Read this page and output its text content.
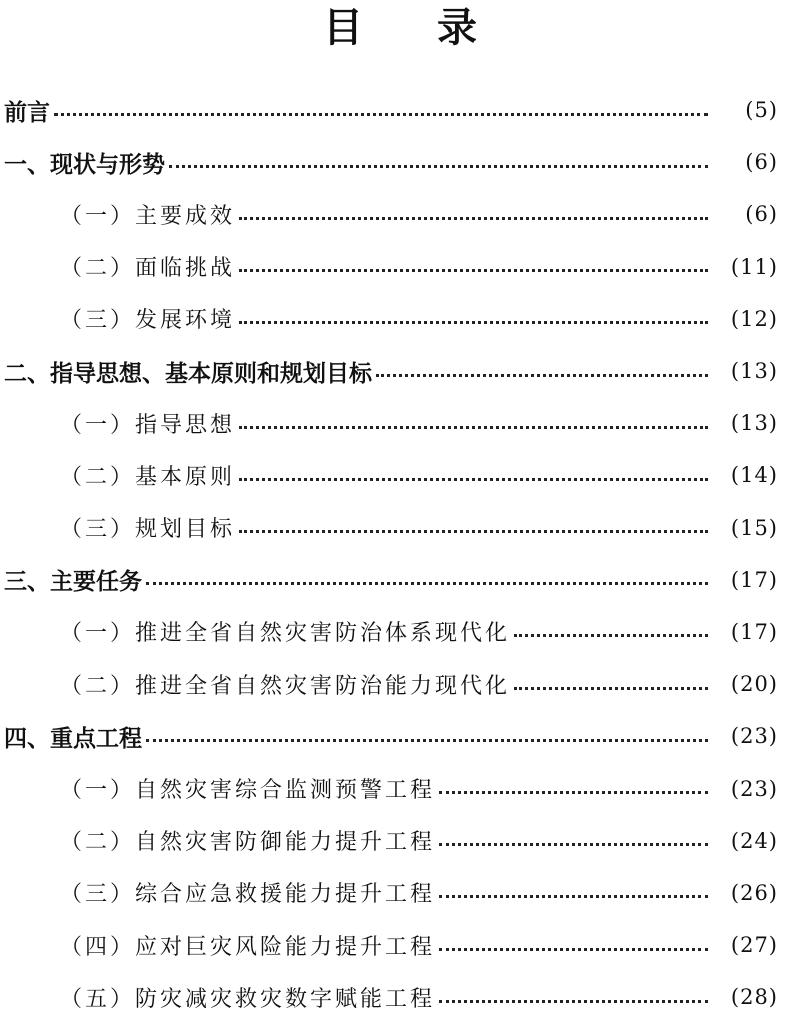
目 录
前言	(5)
一、现状与形势	(6)
（一）主要成效	(6)
（二）面临挑战	(11)
（三）发展环境	(12)
二、指导思想、基本原则和规划目标	(13)
（一）指导思想	(13)
（二）基本原则	(14)
（三）规划目标	(15)
三、主要任务	(17)
（一）推进全省自然灾害防治体系现代化	(17)
（二）推进全省自然灾害防治能力现代化	(20)
四、重点工程	(23)
（一）自然灾害综合监测预警工程	(23)
（二）自然灾害防御能力提升工程	(24)
（三）综合应急救援能力提升工程	(26)
（四）应对巨灾风险能力提升工程	(27)
（五）防灾减灾救灾数字赋能工程	(28)
